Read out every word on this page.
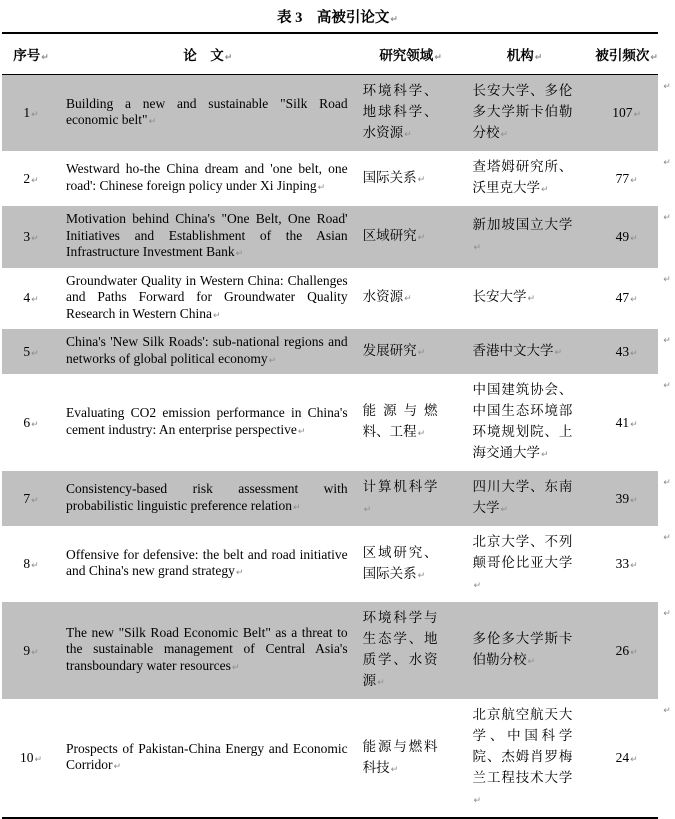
表 3　高被引论文↵
序号↵	论　文↵	研究领域↵	机构↵	被引频次↵	
1↵	Building a new and sustainable "Silk Road economic belt"↵	环境科学、地球科学、水资源↵	长安大学、多伦多大学斯卡伯勒分校↵	107↵	↵
2↵	Westward ho-the China dream and 'one belt, one road': Chinese foreign policy under Xi Jinping↵	国际关系↵	查塔姆研究所、沃里克大学↵	77↵	↵
3↵	Motivation behind China's "One Belt, One Road' Initiatives and Establishment of the Asian Infrastructure Investment Bank↵	区域研究↵	新加坡国立大学↵	49↵	↵
4↵	Groundwater Quality in Western China: Challenges and Paths Forward for Groundwater Quality Research in Western China↵	水资源↵	长安大学↵	47↵	↵
5↵	China's 'New Silk Roads': sub-national regions and networks of global political economy↵	发展研究↵	香港中文大学↵	43↵	↵
6↵	Evaluating CO2 emission performance in China's cement industry: An enterprise perspective↵	能源与燃料、工程↵	中国建筑协会、中国生态环境部环境规划院、上海交通大学↵	41↵	↵
7↵	Consistency-based risk assessment with probabilistic linguistic preference relation↵	计算机科学↵	四川大学、东南大学↵	39↵	↵
8↵	Offensive for defensive: the belt and road initiative and China's new grand strategy↵	区域研究、国际关系↵	北京大学、不列颠哥伦比亚大学↵	33↵	↵
9↵	The new "Silk Road Economic Belt" as a threat to the sustainable management of Central Asia's transboundary water resources↵	环境科学与生态学、地质学、水资源↵	多伦多大学斯卡伯勒分校↵	26↵	↵
10↵	Prospects of Pakistan-China Energy and Economic Corridor↵	能源与燃料科技↵	北京航空航天大学、中国科学院、杰姆肖罗梅兰工程技术大学↵	24↵	↵
